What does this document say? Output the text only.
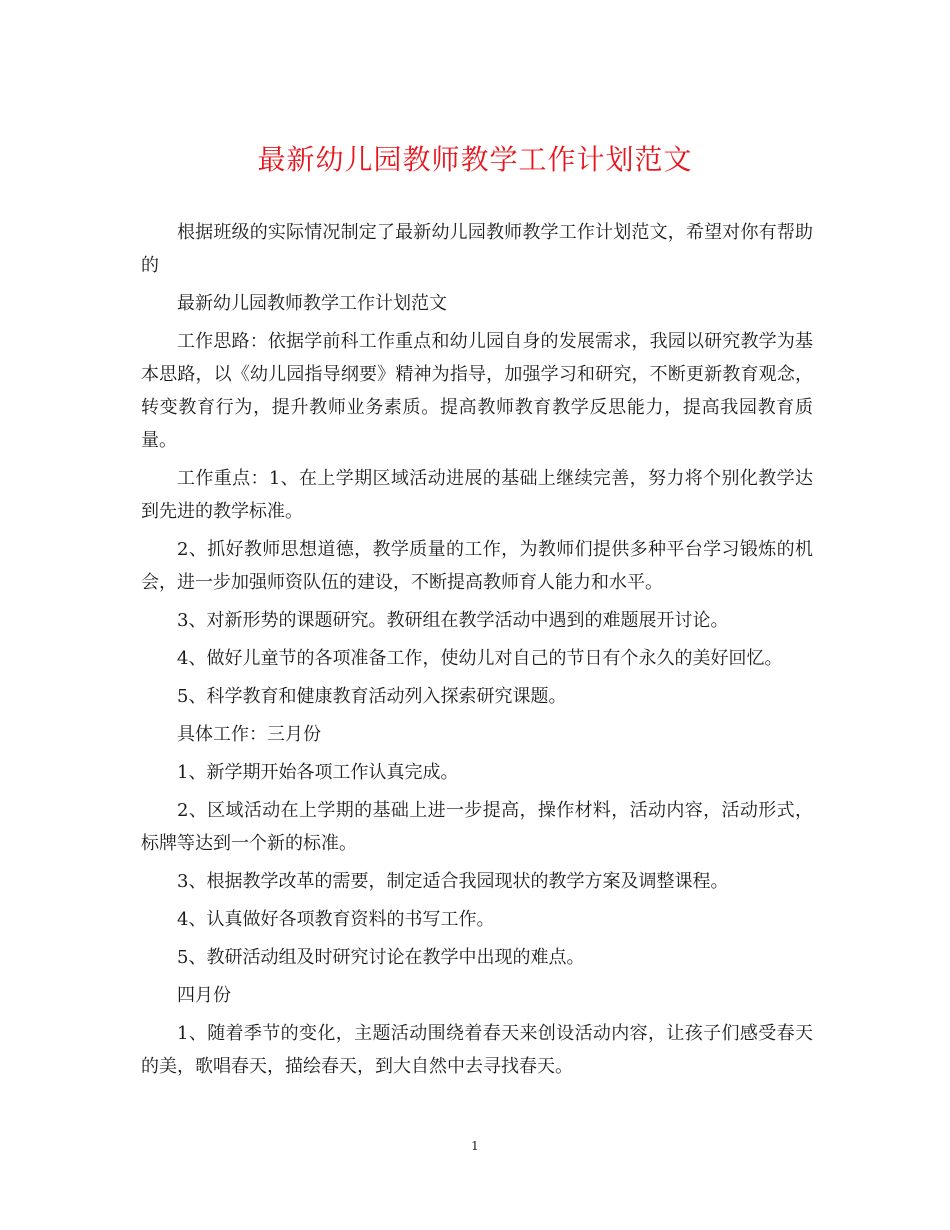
最新幼儿园教师教学工作计划范文

根据班级的实际情况制定了最新幼儿园教师教学工作计划范文，希望对你有帮助的

最新幼儿园教师教学工作计划范文

工作思路：依据学前科工作重点和幼儿园自身的发展需求，我园以研究教学为基本思路，以《幼儿园指导纲要》精神为指导，加强学习和研究，不断更新教育观念，转变教育行为，提升教师业务素质。提高教师教育教学反思能力，提高我园教育质量。

工作重点：1、在上学期区域活动进展的基础上继续完善，努力将个别化教学达到先进的教学标准。

2、抓好教师思想道德，教学质量的工作，为教师们提供多种平台学习锻炼的机会，进一步加强师资队伍的建设，不断提高教师育人能力和水平。

3、对新形势的课题研究。教研组在教学活动中遇到的难题展开讨论。

4、做好儿童节的各项准备工作，使幼儿对自己的节日有个永久的美好回忆。

5、科学教育和健康教育活动列入探索研究课题。

具体工作：三月份

1、新学期开始各项工作认真完成。

2、区域活动在上学期的基础上进一步提高，操作材料，活动内容，活动形式，标牌等达到一个新的标准。

3、根据教学改革的需要，制定适合我园现状的教学方案及调整课程。

4、认真做好各项教育资料的书写工作。

5、教研活动组及时研究讨论在教学中出现的难点。

四月份

1、随着季节的变化，主题活动围绕着春天来创设活动内容，让孩子们感受春天的美，歌唱春天，描绘春天，到大自然中去寻找春天。

1
